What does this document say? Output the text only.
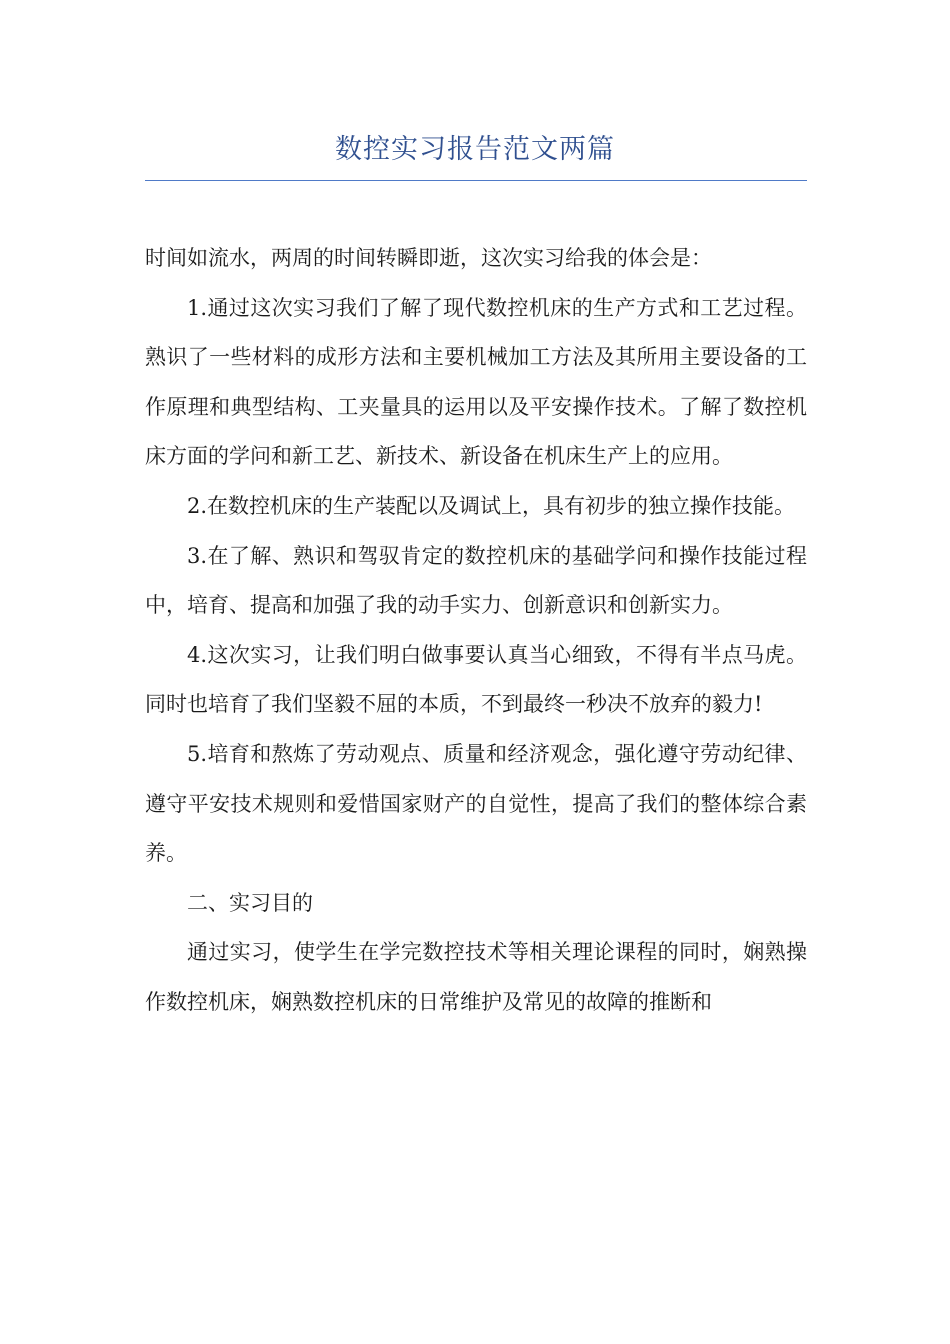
数控实习报告范文两篇

时间如流水，两周的时间转瞬即逝，这次实习给我的体会是：

1.通过这次实习我们了解了现代数控机床的生产方式和工艺过程。熟识了一些材料的成形方法和主要机械加工方法及其所用主要设备的工作原理和典型结构、工夹量具的运用以及平安操作技术。了解了数控机床方面的学问和新工艺、新技术、新设备在机床生产上的应用。

2.在数控机床的生产装配以及调试上，具有初步的独立操作技能。

3.在了解、熟识和驾驭肯定的数控机床的基础学问和操作技能过程中，培育、提高和加强了我的动手实力、创新意识和创新实力。

4.这次实习，让我们明白做事要认真当心细致，不得有半点马虎。同时也培育了我们坚毅不屈的本质，不到最终一秒决不放弃的毅力!

5.培育和熬炼了劳动观点、质量和经济观念，强化遵守劳动纪律、遵守平安技术规则和爱惜国家财产的自觉性，提高了我们的整体综合素养。

二、实习目的

通过实习，使学生在学完数控技术等相关理论课程的同时，娴熟操作数控机床，娴熟数控机床的日常维护及常见的故障的推断和
